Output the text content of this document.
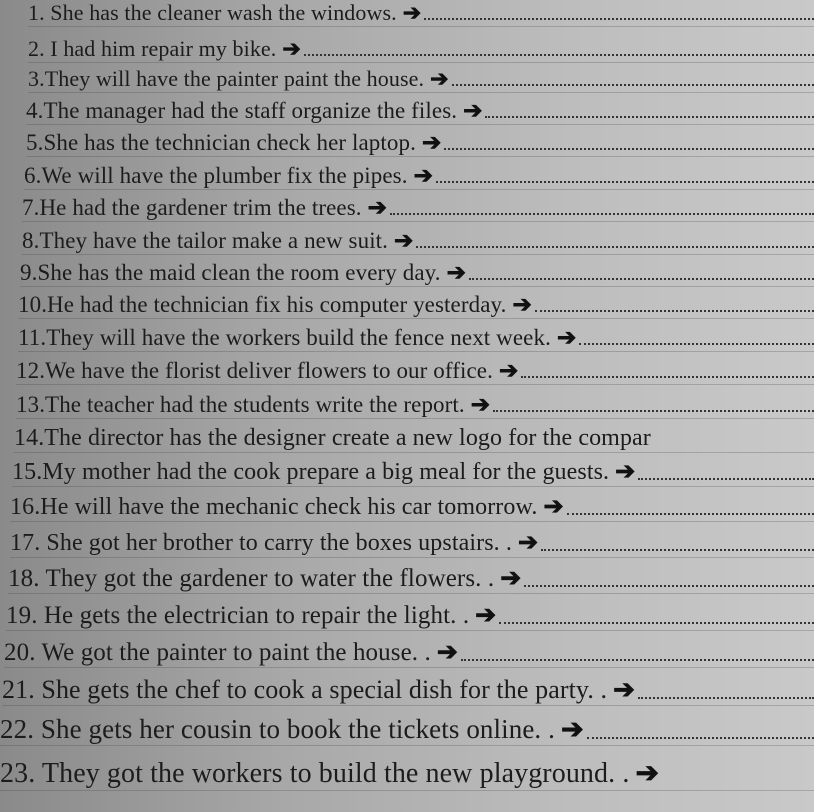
1. She has the cleaner wash the windows. ➔
2. I had him repair my bike. ➔
3.They will have the painter paint the house. ➔
4.The manager had the staff organize the files. ➔
5.She has the technician check her laptop. ➔
6.We will have the plumber fix the pipes. ➔
7.He had the gardener trim the trees. ➔
8.They have the tailor make a new suit. ➔
9.She has the maid clean the room every day. ➔
10.He had the technician fix his computer yesterday. ➔
11.They will have the workers build the fence next week. ➔
12.We have the florist deliver flowers to our office. ➔
13.The teacher had the students write the report. ➔
14.The director has the designer create a new logo for the compar
15.My mother had the cook prepare a big meal for the guests. ➔
16.He will have the mechanic check his car tomorrow. ➔
17. She got her brother to carry the boxes upstairs. . ➔
18. They got the gardener to water the flowers. . ➔
19. He gets the electrician to repair the light. . ➔
20. We got the painter to paint the house. . ➔
21. She gets the chef to cook a special dish for the party. . ➔
22. She gets her cousin to book the tickets online. . ➔
23. They got the workers to build the new playground. . ➔
